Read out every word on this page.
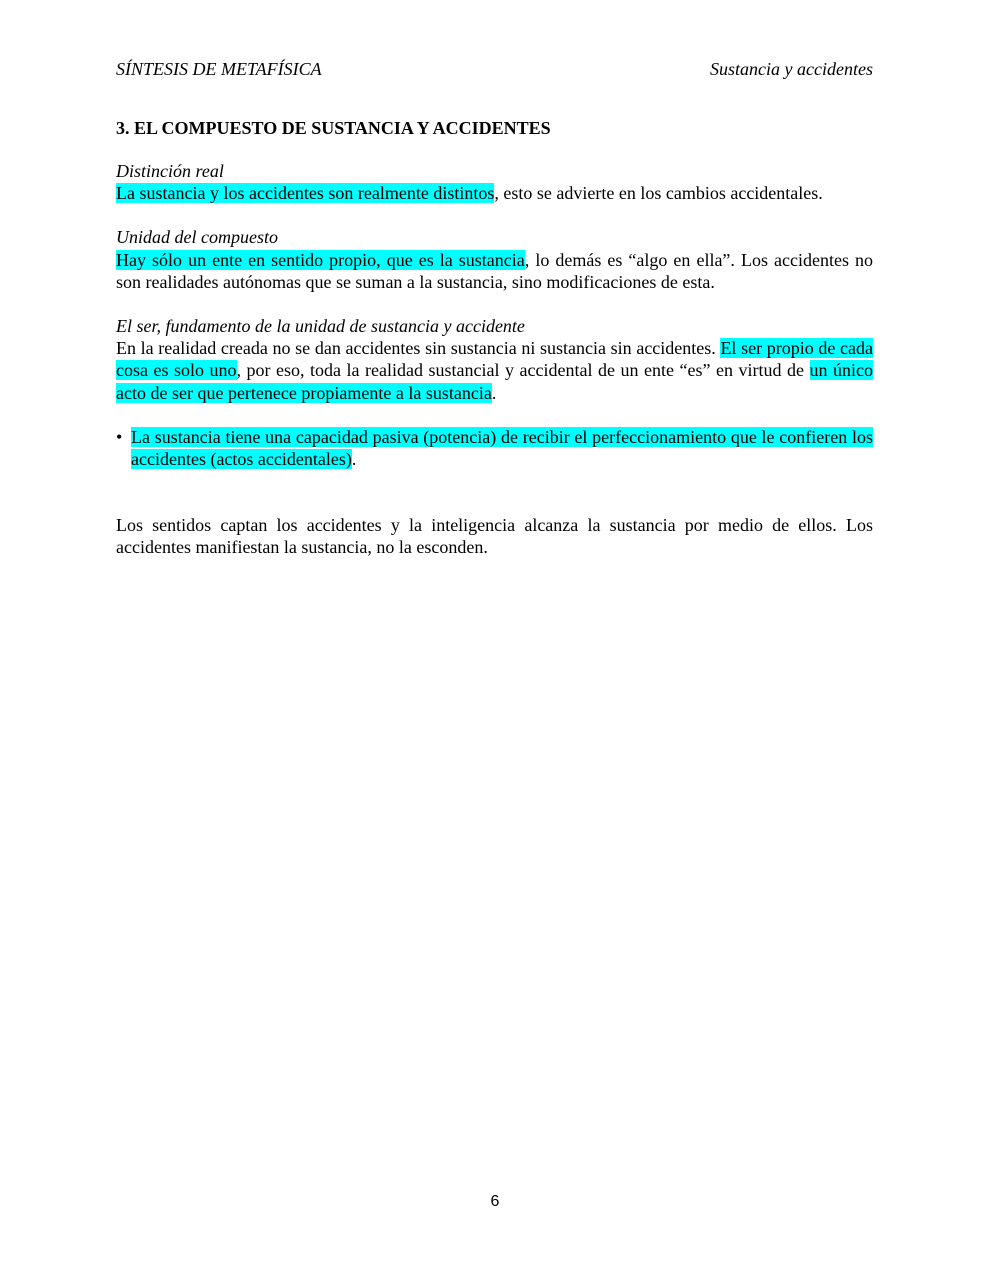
SÍNTESIS DE METAFÍSICA	Sustancia y accidentes
3. EL COMPUESTO DE SUSTANCIA Y ACCIDENTES
Distinción real
La sustancia y los accidentes son realmente distintos, esto se advierte en los cambios accidentales.
Unidad del compuesto
Hay sólo un ente en sentido propio, que es la sustancia, lo demás es “algo en ella”. Los accidentes no son realidades autónomas que se suman a la sustancia, sino modificaciones de esta.
El ser, fundamento de la unidad de sustancia y accidente
En la realidad creada no se dan accidentes sin sustancia ni sustancia sin accidentes. El ser propio de cada cosa es solo uno, por eso, toda la realidad sustancial y accidental de un ente “es” en virtud de un único acto de ser que pertenece propiamente a la sustancia.
• La sustancia tiene una capacidad pasiva (potencia) de recibir el perfeccionamiento que le confieren los accidentes (actos accidentales).
Los sentidos captan los accidentes y la inteligencia alcanza la sustancia por medio de ellos. Los accidentes manifiestan la sustancia, no la esconden.
6
